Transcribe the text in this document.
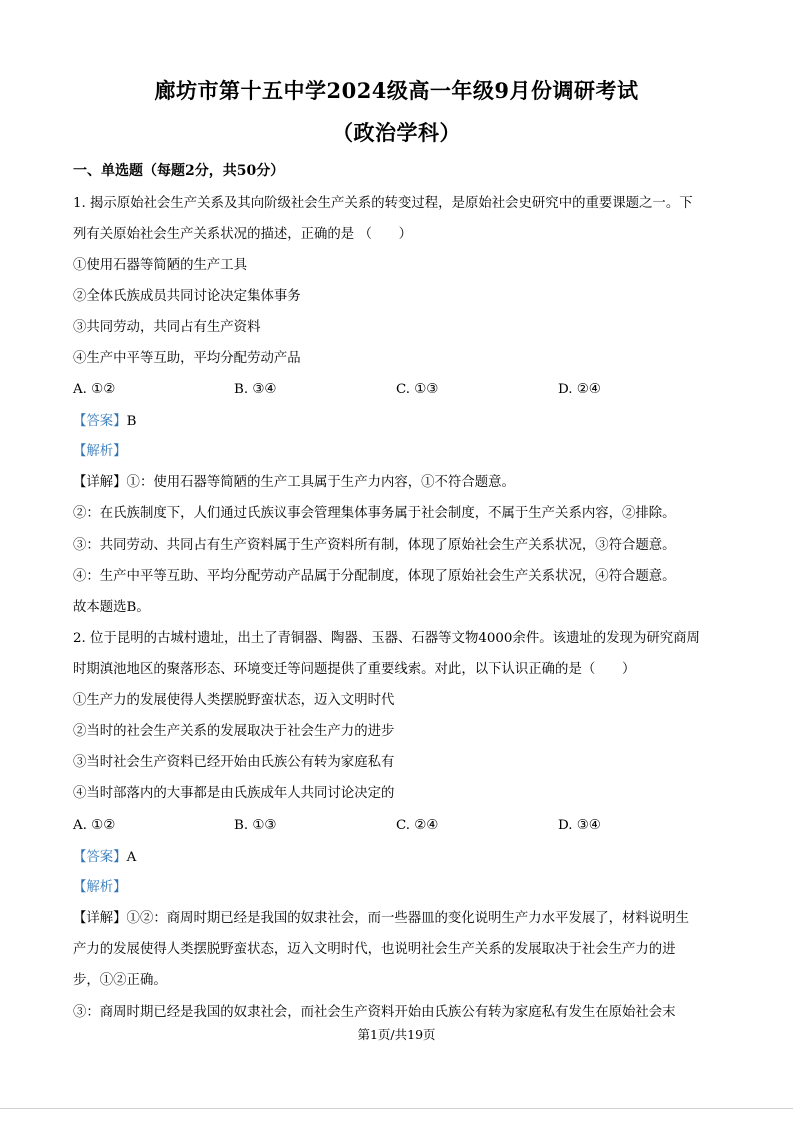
廊坊市第十五中学2024级高一年级9月份调研考试
（政治学科）
一、单选题（每题2分，共50分）
1. 揭示原始社会生产关系及其向阶级社会生产关系的转变过程，是原始社会史研究中的重要课题之一。下
列有关原始社会生产关系状况的描述，正确的是 （　　）
①使用石器等简陋的生产工具
②全体氏族成员共同讨论决定集体事务
③共同劳动，共同占有生产资料
④生产中平等互助，平均分配劳动产品
A. ①②	B. ③④	C. ①③	D. ②④
【答案】B
【解析】
【详解】①：使用石器等简陋的生产工具属于生产力内容，①不符合题意。
②：在氏族制度下，人们通过氏族议事会管理集体事务属于社会制度，不属于生产关系内容，②排除。
③：共同劳动、共同占有生产资料属于生产资料所有制，体现了原始社会生产关系状况，③符合题意。
④：生产中平等互助、平均分配劳动产品属于分配制度，体现了原始社会生产关系状况，④符合题意。
故本题选B。
2. 位于昆明的古城村遗址，出土了青铜器、陶器、玉器、石器等文物4000余件。该遗址的发现为研究商周
时期滇池地区的聚落形态、环境变迁等问题提供了重要线索。对此，以下认识正确的是（　　）
①生产力的发展使得人类摆脱野蛮状态，迈入文明时代
②当时的社会生产关系的发展取决于社会生产力的进步
③当时社会生产资料已经开始由氏族公有转为家庭私有
④当时部落内的大事都是由氏族成年人共同讨论决定的
A. ①②	B. ①③	C. ②④	D. ③④
【答案】A
【解析】
【详解】①②：商周时期已经是我国的奴隶社会，而一些器皿的变化说明生产力水平发展了，材料说明生
产力的发展使得人类摆脱野蛮状态，迈入文明时代，也说明社会生产关系的发展取决于社会生产力的进
步，①②正确。
③：商周时期已经是我国的奴隶社会，而社会生产资料开始由氏族公有转为家庭私有发生在原始社会末
第1页/共19页
